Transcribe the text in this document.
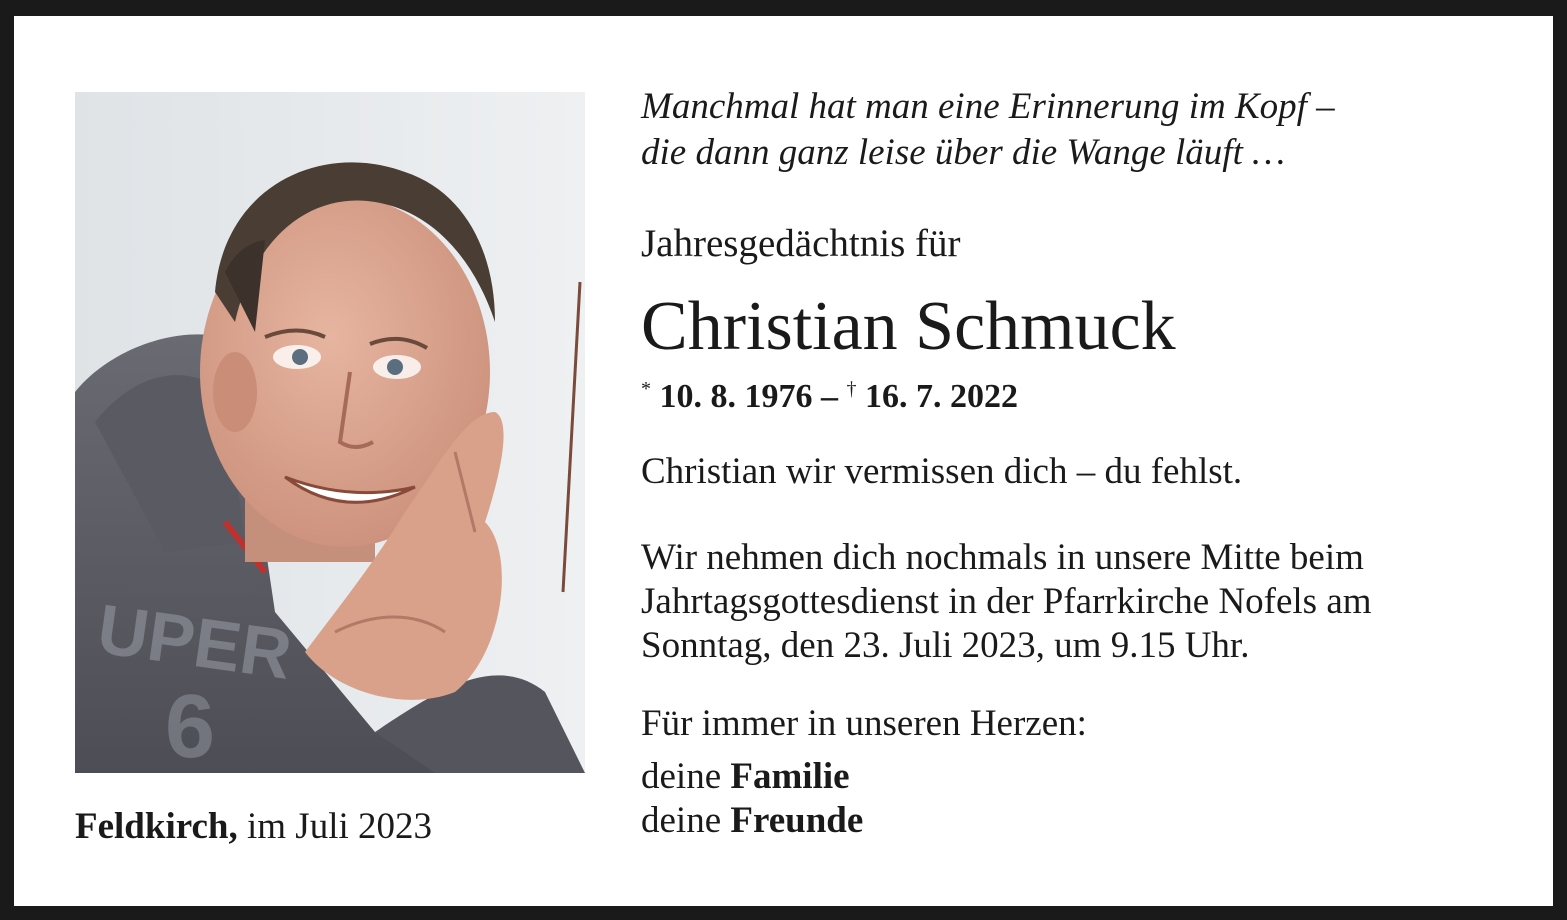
UPER
6
Feldkirch, im Juli 2023
Manchmal hat man eine Erinnerung im Kopf –
die dann ganz leise über die Wange läuft …
Jahresgedächtnis für
Christian Schmuck
* 10. 8. 1976 – † 16. 7. 2022
Christian wir vermissen dich – du fehlst.
Wir nehmen dich nochmals in unsere Mitte beim
Jahrtagsgottesdienst in der Pfarrkirche Nofels am
Sonntag, den 23. Juli 2023, um 9.15 Uhr.
Für immer in unseren Herzen:
deine Familie
deine Freunde
